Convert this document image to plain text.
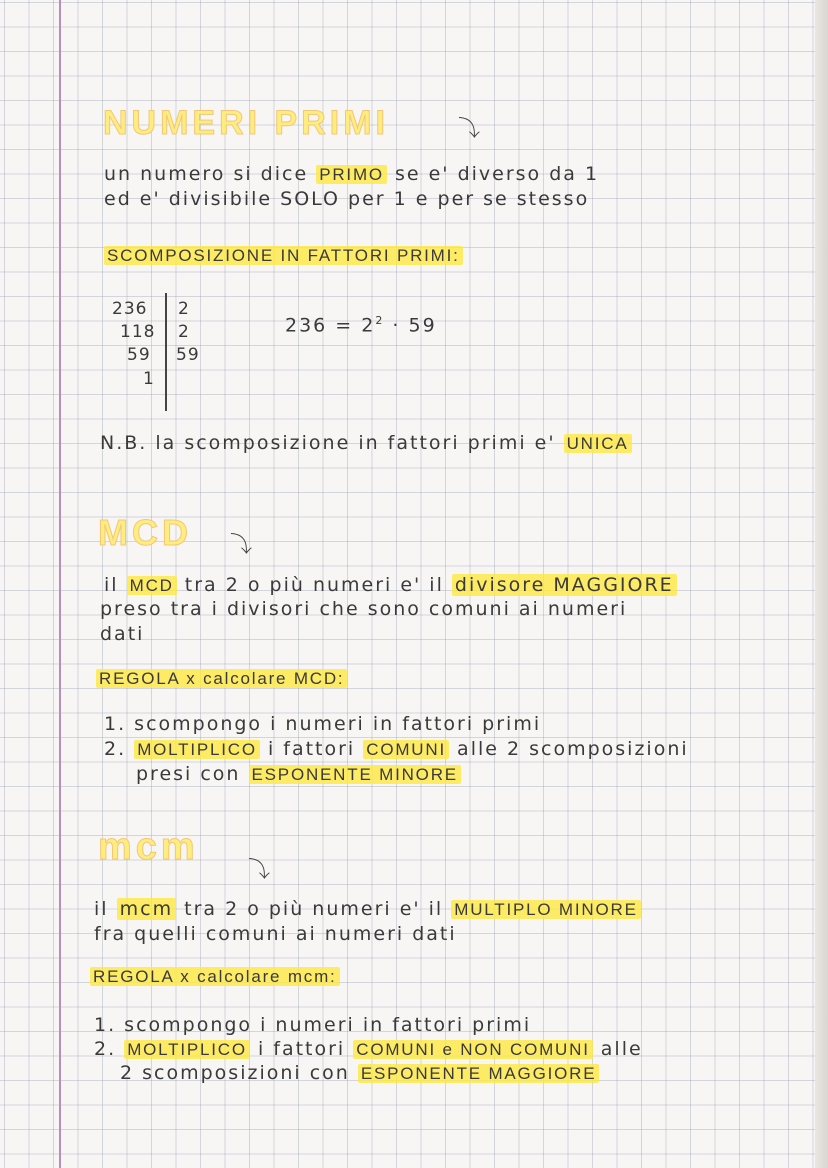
NUMERI PRIMI	⤵
un numero si dice PRIMO se e' diverso da 1
ed e' divisibile SOLO per 1 e per se stesso
SCOMPOSIZIONE IN FATTORI PRIMI:
236
118
59
1
2
2
59
$236 = 2^2 \cdot 59$
N.B. la scomposizione in fattori primi e' UNICA
MCD ⤵
il MCD tra 2 o più numeri e' il divisore MAGGIORE
preso tra i divisori che sono comuni ai numeri
dati
REGOLA x calcolare MCD:
1. scompongo i numeri in fattori primi
2. MOLTIPLICO i fattori COMUNI alle 2 scomposizioni
presi con ESPONENTE MINORE
mcm
⤵
il mcm tra 2 o più numeri e' il MULTIPLO MINORE
fra quelli comuni ai numeri dati
REGOLA x calcolare mcm:
1. scompongo i numeri in fattori primi
2. MOLTIPLICO i fattori COMUNI e NON COMUNI alle
2 scomposizioni con ESPONENTE MAGGIORE
